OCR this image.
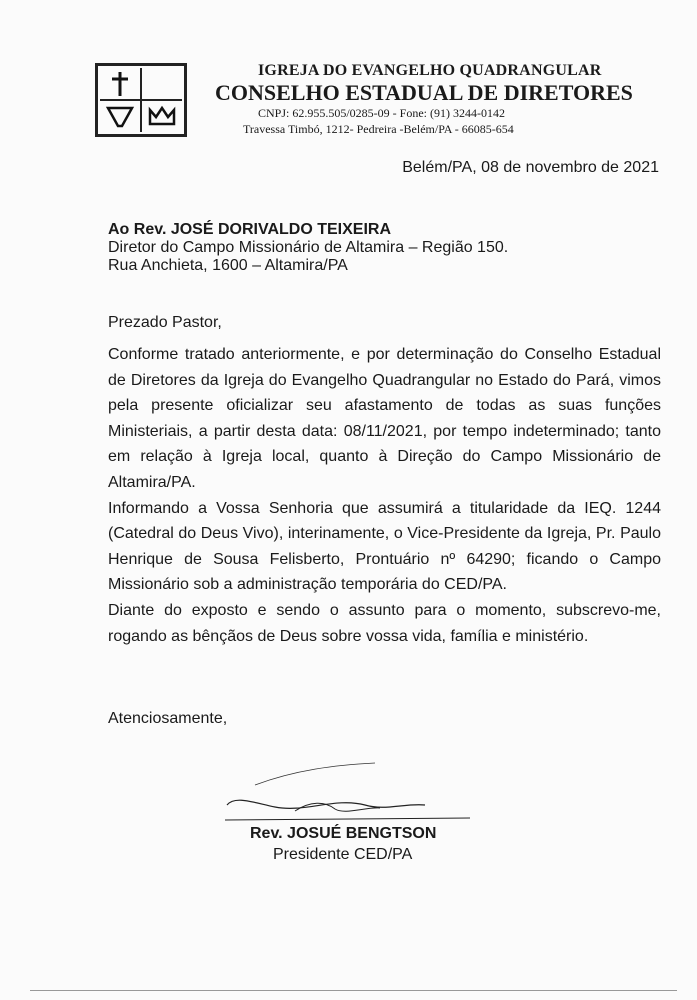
IGREJA DO EVANGELHO QUADRANGULAR
CONSELHO ESTADUAL DE DIRETORES
CNPJ: 62.955.505/0285-09 - Fone: (91) 3244-0142
Travessa Timbó, 1212- Pedreira -Belém/PA - 66085-654
Belém/PA, 08 de novembro de 2021
Ao Rev. JOSÉ DORIVALDO TEIXEIRA
Diretor do Campo Missionário de Altamira – Região 150.
Rua Anchieta, 1600 – Altamira/PA
Prezado Pastor,

Conforme tratado anteriormente, e por determinação do Conselho Estadual de Diretores da Igreja do Evangelho Quadrangular no Estado do Pará, vimos pela presente oficializar seu afastamento de todas as suas funções Ministeriais, a partir desta data: 08/11/2021, por tempo indeterminado; tanto em relação à Igreja local, quanto à Direção do Campo Missionário de Altamira/PA.

Informando a Vossa Senhoria que assumirá a titularidade da IEQ. 1244 (Catedral do Deus Vivo), interinamente, o Vice-Presidente da Igreja, Pr. Paulo Henrique de Sousa Felisberto, Prontuário nº 64290; ficando o Campo Missionário sob a administração temporária do CED/PA.

Diante do exposto e sendo o assunto para o momento, subscrevo-me, rogando as bênçãos de Deus sobre vossa vida, família e ministério.

Atenciosamente,
Rev. JOSUÉ BENGTSON
Presidente CED/PA
